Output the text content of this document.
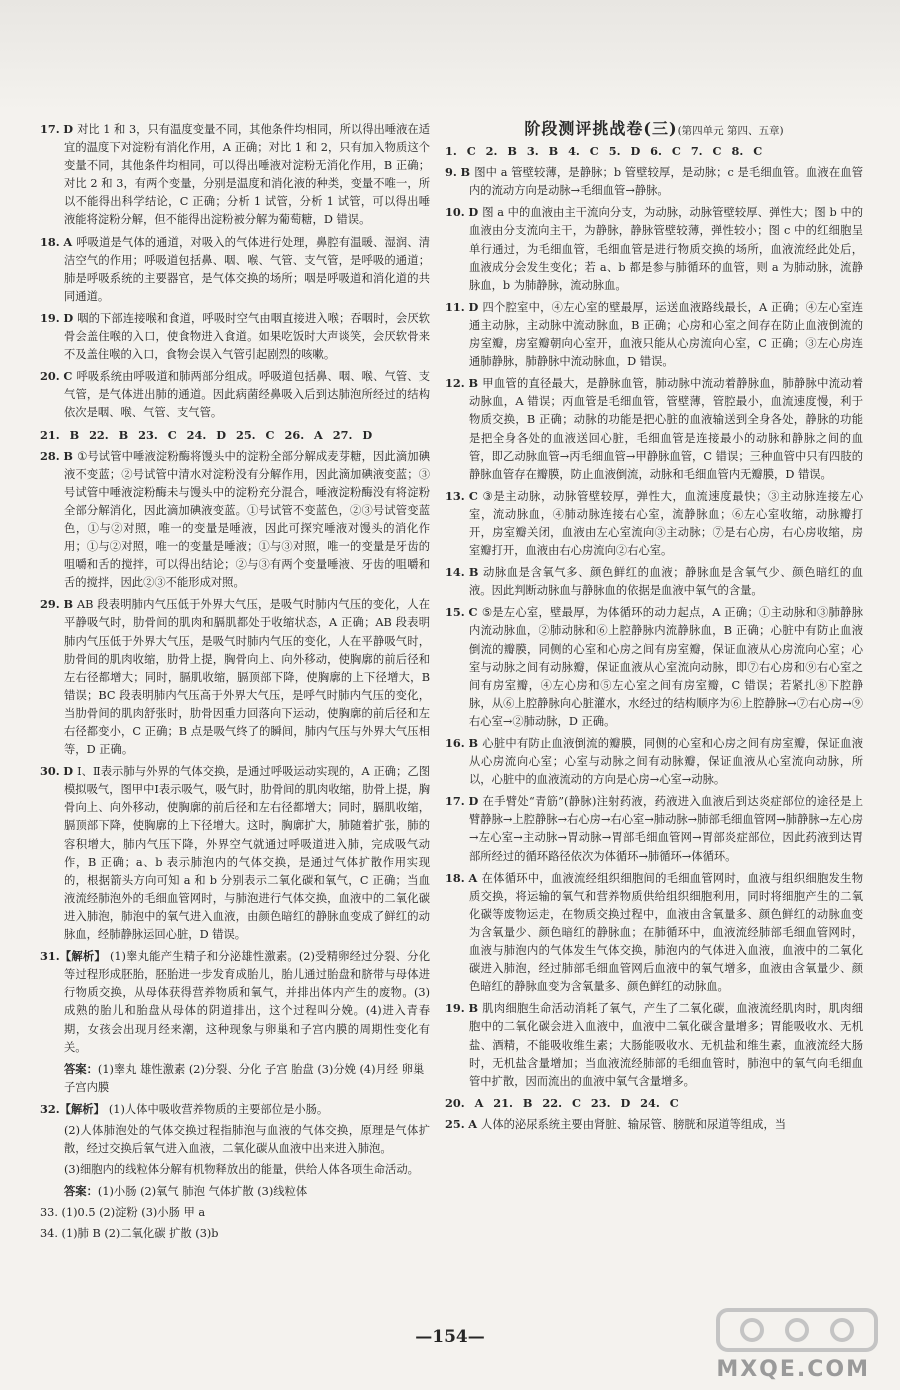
17. D 对比 1 和 3，只有温度变量不同，其他条件均相同，所以得出唾液在适宜的温度下对淀粉有消化作用，A 正确；对比 1 和 2，只有加入物质这个变量不同，其他条件均相同，可以得出唾液对淀粉无消化作用，B 正确；对比 2 和 3，有两个变量，分别是温度和消化液的种类，变量不唯一，所以不能得出科学结论，C 正确；分析 1 试管，分析 1 试管，可以得出唾液能将淀粉分解，但不能得出淀粉被分解为葡萄糖，D 错误。

18. A 呼吸道是气体的通道，对吸入的气体进行处理，鼻腔有温暖、湿润、清洁空气的作用；呼吸道包括鼻、咽、喉、气管、支气管，是呼吸的通道；肺是呼吸系统的主要器官，是气体交换的场所；咽是呼吸道和消化道的共同通道。

19. D 咽的下部连接喉和食道，呼吸时空气由咽直接进入喉；吞咽时，会厌软骨会盖住喉的入口，使食物进入食道。如果吃饭时大声谈笑，会厌软骨来不及盖住喉的入口，食物会误入气管引起剧烈的咳嗽。

20. C 呼吸系统由呼吸道和肺两部分组成。呼吸道包括鼻、咽、喉、气管、支气管，是气体进出肺的通道。因此病菌经鼻吸入后到达肺泡所经过的结构依次是咽、喉、气管、支气管。

21. B 22. B 23. C 24. D 25. C 26. A 27. D

28. B ①号试管中唾液淀粉酶将馒头中的淀粉全部分解成麦芽糖，因此滴加碘液不变蓝；②号试管中清水对淀粉没有分解作用，因此滴加碘液变蓝；③号试管中唾液淀粉酶未与馒头中的淀粉充分混合，唾液淀粉酶没有将淀粉全部分解消化，因此滴加碘液变蓝。①号试管不变蓝色，②③号试管变蓝色，①与②对照，唯一的变量是唾液，因此可探究唾液对馒头的消化作用；①与②对照，唯一的变量是唾液；①与③对照，唯一的变量是牙齿的咀嚼和舌的搅拌，可以得出结论；②与③有两个变量唾液、牙齿的咀嚼和舌的搅拌，因此②③不能形成对照。

29. B AB 段表明肺内气压低于外界大气压，是吸气时肺内气压的变化，人在平静吸气时，肋骨间的肌肉和膈肌都处于收缩状态，A 正确；AB 段表明肺内气压低于外界大气压，是吸气时肺内气压的变化，人在平静吸气时，肋骨间的肌肉收缩，肋骨上提，胸骨向上、向外移动，使胸廓的前后径和左右径都增大；同时，膈肌收缩，膈顶部下降，使胸廓的上下径增大，B 错误；BC 段表明肺内气压高于外界大气压，是呼气时肺内气压的变化，当肋骨间的肌肉舒张时，肋骨因重力回落向下运动，使胸廓的前后径和左右径都变小，C 正确；B 点是吸气终了的瞬间，肺内气压与外界大气压相等，D 正确。

30. D Ⅰ、Ⅱ表示肺与外界的气体交换，是通过呼吸运动实现的，A 正确；乙图模拟吸气，图甲中Ⅰ表示吸气，吸气时，肋骨间的肌肉收缩，肋骨上提，胸骨向上、向外移动，使胸廓的前后径和左右径都增大；同时，膈肌收缩，膈顶部下降，使胸廓的上下径增大。这时，胸廓扩大，肺随着扩张，肺的容积增大，肺内气压下降，外界空气就通过呼吸道进入肺，完成吸气动作，B 正确；a、b 表示肺泡内的气体交换，是通过气体扩散作用实现的，根据箭头方向可知 a 和 b 分别表示二氧化碳和氧气，C 正确；当血液流经肺泡外的毛细血管网时，与肺泡进行气体交换，血液中的二氧化碳进入肺泡，肺泡中的氧气进入血液，由颜色暗红的静脉血变成了鲜红的动脉血，经肺静脉运回心脏，D 错误。

31.【解析】 (1)睾丸能产生精子和分泌雄性激素。(2)受精卵经过分裂、分化等过程形成胚胎，胚胎进一步发育成胎儿，胎儿通过胎盘和脐带与母体进行物质交换，从母体获得营养物质和氧气，并排出体内产生的废物。(3)成熟的胎儿和胎盘从母体的阴道排出，这个过程叫分娩。(4)进入青春期，女孩会出现月经来潮，这种现象与卵巢和子宫内膜的周期性变化有关。

答案：(1)睾丸 雄性激素 (2)分裂、分化 子宫 胎盘 (3)分娩 (4)月经 卵巢 子宫内膜

32.【解析】 (1)人体中吸收营养物质的主要部位是小肠。

(2)人体肺泡处的气体交换过程指肺泡与血液的气体交换，原理是气体扩散，经过交换后氧气进入血液，二氧化碳从血液中出来进入肺泡。

(3)细胞内的线粒体分解有机物释放出的能量，供给人体各项生命活动。

答案：(1)小肠 (2)氧气 肺泡 气体扩散 (3)线粒体

33. (1)0.5 (2)淀粉 (3)小肠 甲 a

34. (1)肺 B (2)二氧化碳 扩散 (3)b

阶段测评挑战卷(三)(第四单元 第四、五章)

1. C 2. B 3. B 4. C 5. D 6. C 7. C 8. C

9. B 图中 a 管壁较薄，是静脉；b 管壁较厚，是动脉；c 是毛细血管。血液在血管内的流动方向是动脉→毛细血管→静脉。

10. D 图 a 中的血液由主干流向分支，为动脉，动脉管壁较厚、弹性大；图 b 中的血液由分支流向主干，为静脉，静脉管壁较薄，弹性较小；图 c 中的红细胞呈单行通过，为毛细血管，毛细血管是进行物质交换的场所，血液流经此处后，血液成分会发生变化；若 a、b 都是参与肺循环的血管，则 a 为肺动脉，流静脉血，b 为肺静脉，流动脉血。

11. D 四个腔室中，④左心室的壁最厚，运送血液路线最长，A 正确；④左心室连通主动脉，主动脉中流动脉血，B 正确；心房和心室之间存在防止血液倒流的房室瓣，房室瓣朝向心室开，血液只能从心房流向心室，C 正确；③左心房连通肺静脉，肺静脉中流动脉血，D 错误。

12. B 甲血管的直径最大，是静脉血管，肺动脉中流动着静脉血，肺静脉中流动着动脉血，A 错误；丙血管是毛细血管，管壁薄，管腔最小，血流速度慢，利于物质交换，B 正确；动脉的功能是把心脏的血液输送到全身各处，静脉的功能是把全身各处的血液送回心脏，毛细血管是连接最小的动脉和静脉之间的血管，即乙动脉血管→丙毛细血管→甲静脉血管，C 错误；三种血管中只有四肢的静脉血管存在瓣膜，防止血液倒流，动脉和毛细血管内无瓣膜，D 错误。

13. C ③是主动脉，动脉管壁较厚，弹性大，血流速度最快；③主动脉连接左心室，流动脉血，④肺动脉连接右心室，流静脉血；⑥左心室收缩，动脉瓣打开，房室瓣关闭，血液由左心室流向③主动脉；⑦是右心房，右心房收缩，房室瓣打开，血液由右心房流向②右心室。

14. B 动脉血是含氧气多、颜色鲜红的血液；静脉血是含氧气少、颜色暗红的血液。因此判断动脉血与静脉血的依据是血液中氧气的含量。

15. C ⑤是左心室，壁最厚，为体循环的动力起点，A 正确；①主动脉和③肺静脉内流动脉血，②肺动脉和⑥上腔静脉内流静脉血，B 正确；心脏中有防止血液倒流的瓣膜，同侧的心室和心房之间有房室瓣，保证血液从心房流向心室；心室与动脉之间有动脉瓣，保证血液从心室流向动脉，即⑦右心房和⑨右心室之间有房室瓣，④左心房和⑤左心室之间有房室瓣，C 错误；若紧扎⑧下腔静脉，从⑥上腔静脉向心脏灌水，水经过的结构顺序为⑥上腔静脉→⑦右心房→⑨右心室→②肺动脉，D 正确。

16. B 心脏中有防止血液倒流的瓣膜，同侧的心室和心房之间有房室瓣，保证血液从心房流向心室；心室与动脉之间有动脉瓣，保证血液从心室流向动脉，所以，心脏中的血液流动的方向是心房→心室→动脉。

17. D 在手臂处“青筋”(静脉)注射药液，药液进入血液后到达炎症部位的途径是上臂静脉→上腔静脉→右心房→右心室→肺动脉→肺部毛细血管网→肺静脉→左心房→左心室→主动脉→胃动脉→胃部毛细血管网→胃部炎症部位，因此药液到达胃部所经过的循环路径依次为体循环→肺循环→体循环。

18. A 在体循环中，血液流经组织细胞间的毛细血管网时，血液与组织细胞发生物质交换，将运输的氧气和营养物质供给组织细胞利用，同时将细胞产生的二氧化碳等废物运走，在物质交换过程中，血液由含氧量多、颜色鲜红的动脉血变为含氧量少、颜色暗红的静脉血；在肺循环中，血液流经肺部毛细血管网时，血液与肺泡内的气体发生气体交换，肺泡内的气体进入血液，血液中的二氧化碳进入肺泡，经过肺部毛细血管网后血液中的氧气增多，血液由含氧量少、颜色暗红的静脉血变为含氧量多、颜色鲜红的动脉血。

19. B 肌肉细胞生命活动消耗了氧气，产生了二氧化碳，血液流经肌肉时，肌肉细胞中的二氧化碳会进入血液中，血液中二氧化碳含量增多；胃能吸收水、无机盐、酒精，不能吸收维生素；大肠能吸收水、无机盐和维生素，血液流经大肠时，无机盐含量增加；当血液流经肺部的毛细血管时，肺泡中的氧气向毛细血管中扩散，因而流出的血液中氧气含量增多。

20. A 21. B 22. C 23. D 24. C

25. A 人体的泌尿系统主要由肾脏、输尿管、膀胱和尿道等组成，当

—154—
MXQE.COM
